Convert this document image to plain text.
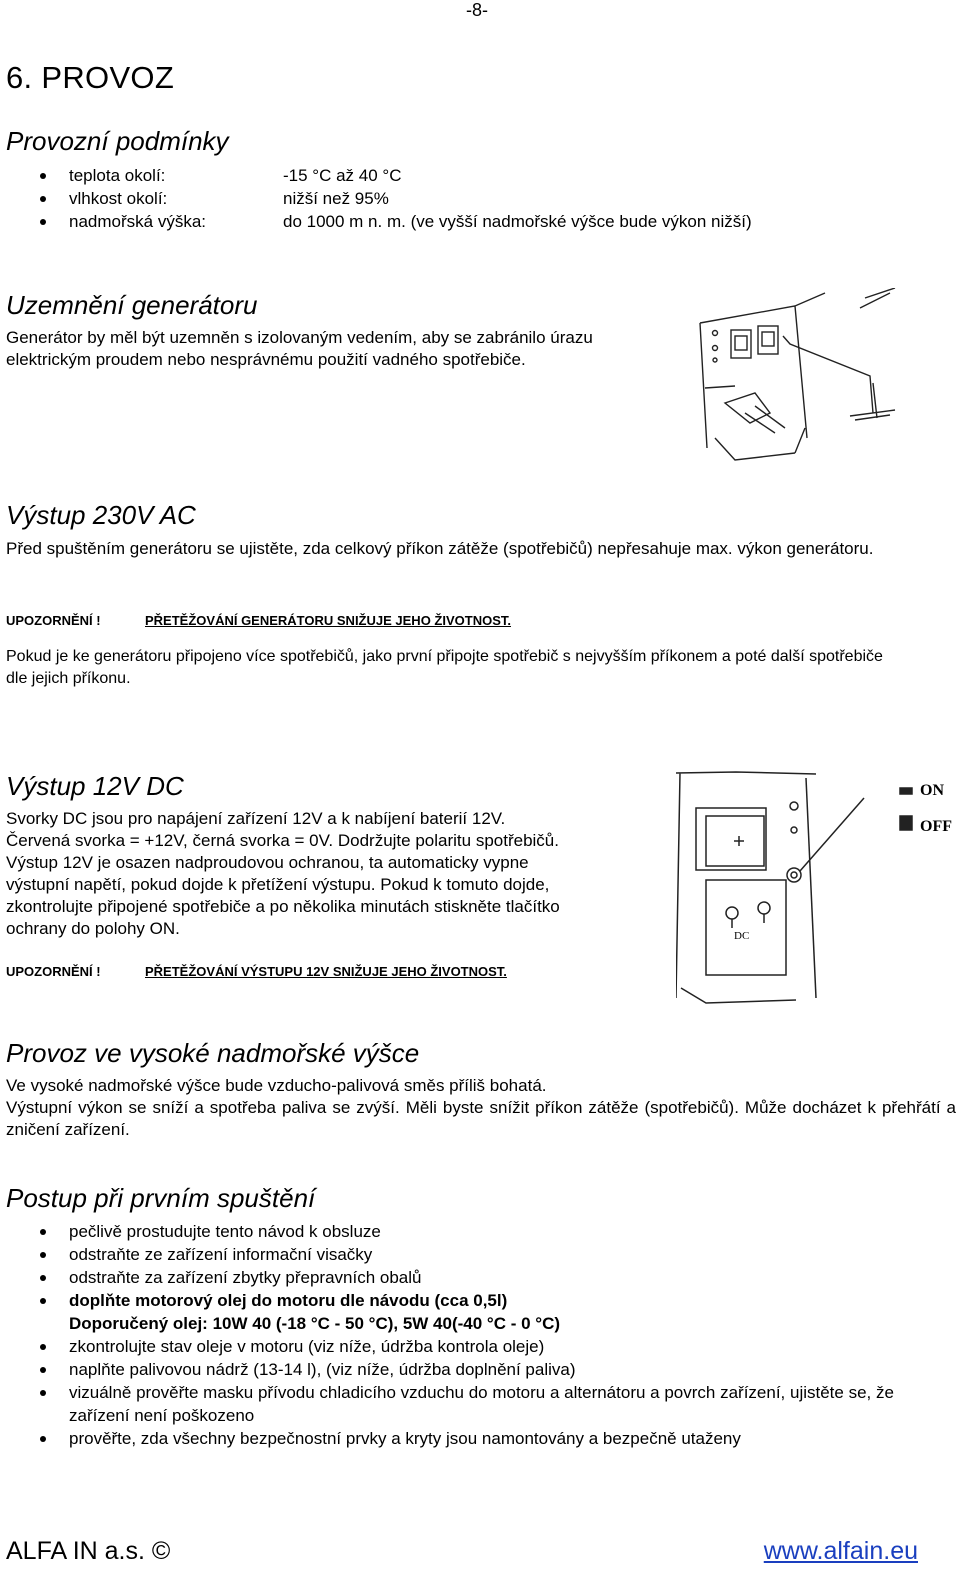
-8-
6. PROVOZ
Provozní podmínky
teplota okolí:	-15 °C až 40 °C
vlhkost okolí:	nižší než 95%
nadmořská výška:	do 1000 m n. m. (ve vyšší nadmořské výšce bude výkon nižší)
Uzemnění generátoru
Generátor by měl být uzemněn s izolovaným vedením, aby se zabránilo úrazu
elektrickým proudem nebo nesprávnému použití vadného spotřebiče.
Výstup 230V AC
Před spuštěním generátoru se ujistěte, zda celkový příkon zátěže (spotřebičů) nepřesahuje max. výkon generátoru.
UPOZORNĚNÍ !	PŘETĚŽOVÁNÍ GENERÁTORU SNIŽUJE JEHO ŽIVOTNOST.
Pokud je ke generátoru připojeno více spotřebičů, jako první připojte spotřebič s nejvyšším příkonem a poté další spotřebiče dle jejich příkonu.
Výstup 12V DC
Svorky DC jsou pro napájení zařízení 12V a k nabíjení baterií 12V.
Červená svorka = +12V, černá svorka = 0V. Dodržujte polaritu spotřebičů.
Výstup 12V je osazen nadproudovou ochranou, ta automaticky vypne
výstupní napětí, pokud dojde k přetížení výstupu. Pokud k tomuto dojde,
zkontrolujte připojené spotřebiče a po několika minutách stiskněte tlačítko
ochrany do polohy ON.
UPOZORNĚNÍ !	PŘETĚŽOVÁNÍ VÝSTUPU 12V SNIŽUJE JEHO ŽIVOTNOST.
ON
OFF
DC
Provoz ve vysoké nadmořské výšce
Ve vysoké nadmořské výšce bude vzducho-palivová směs příliš bohatá.
Výstupní výkon se sníží a spotřeba paliva se zvýší. Měli byste snížit příkon zátěže (spotřebičů). Může docházet k přehřátí a zničení zařízení.
Postup při prvním spuštění
pečlivě prostudujte tento návod k obsluze
odstraňte ze zařízení informační visačky
odstraňte za zařízení zbytky přepravních obalů
doplňte motorový olej do motoru dle návodu (cca 0,5l)
Doporučený olej: 10W 40 (-18 °C - 50 °C), 5W 40(-40 °C - 0 °C)
zkontrolujte stav oleje v motoru (viz níže, údržba kontrola oleje)
naplňte palivovou nádrž (13-14 l), (viz níže, údržba doplnění paliva)
vizuálně prověřte masku přívodu chladicího vzduchu do motoru a alternátoru a povrch zařízení, ujistěte se, že zařízení není poškozeno
prověřte, zda všechny bezpečnostní prvky a kryty jsou namontovány a bezpečně utaženy
ALFA IN a.s. ©	www.alfain.eu
